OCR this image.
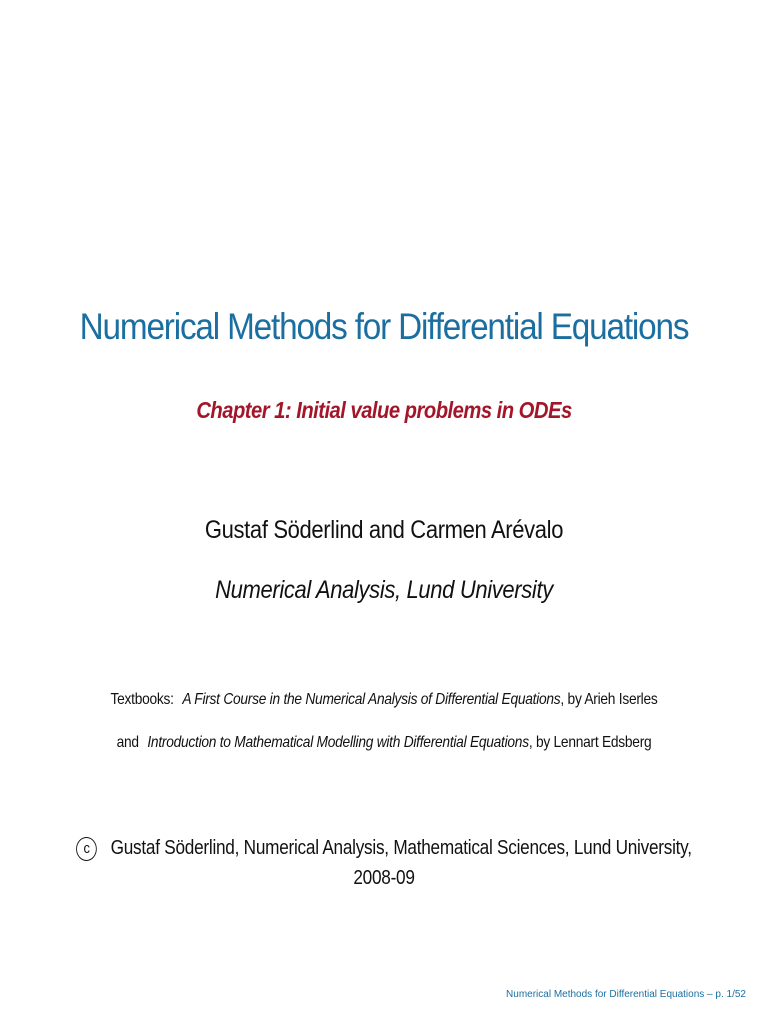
Numerical Methods for Differential Equations
Chapter 1: Initial value problems in ODEs
Gustaf Söderlind and Carmen Arévalo
Numerical Analysis, Lund University
Textbooks: A First Course in the Numerical Analysis of Differential Equations, by Arieh Iserles
and Introduction to Mathematical Modelling with Differential Equations, by Lennart Edsberg
c Gustaf Söderlind, Numerical Analysis, Mathematical Sciences, Lund University, 2008-09
Numerical Methods for Differential Equations – p. 1/52
